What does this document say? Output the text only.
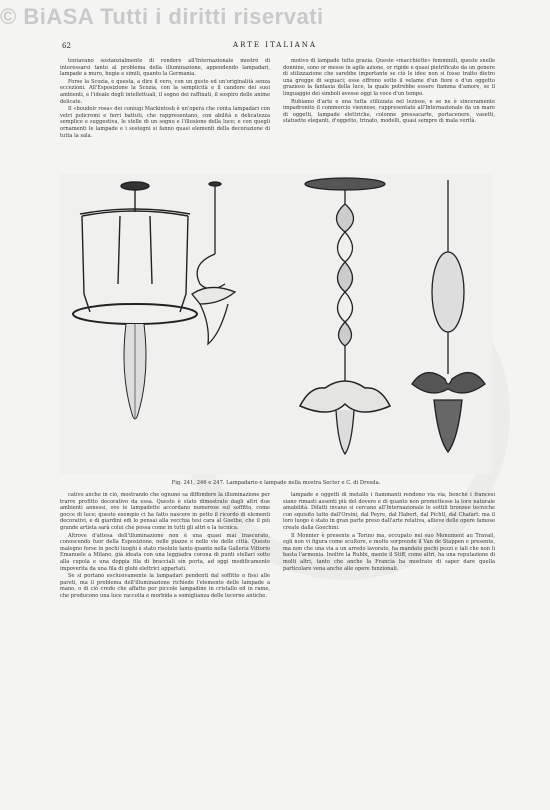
© BiASA Tutti i diritti riservati
62	ARTE ITALIANA

tentavano sostanzialmente di rendere all'Internazionale mostrò di interessarsi tanto al problema della illuminazione, appendendo lampadari, lampade a muro, bugie e simili, quanto la Germania.

Forse la Scozia, e questa, a dire il vero, con un gusto ed un'originalità senza eccezioni. All'Esposizione la Scozia, con la semplicità e il candore dei suoi ambienti, e l'ideale degli intellettuali, il sogno dei raffinati, il sospiro delle anime delicate.

Il «boudoir rosa» dei coniugi Mackintosh è un'opera che conta lampadari con vetri policromi e ferri battuti, che rappresentano, con abilità e delicatezza semplice e suggestiva, le stelle di un sogno e l'illusione della luce; e con quegli ornamenti le lampade e i sostegni si fanno quasi elementi della decorazione di tutta la sala.

motivo di lampade tutta grazia. Queste «macchiette» femminili, queste snelle donnine, sono or messe in agile azione, or rigide e quasi pietrificate da un genere di stilizzazione che sarebbe importante se ciò le idee non si fosse tratto dietro una gregge di seguaci; esse offrono sotto il velame d'un fiore o d'un oggetto grazioso la fantasia della luce, la quale potrebbe essere fiamma d'amore, se il linguaggio dei simboli avesse oggi la voce d'un tempo.

Rubiamo d'arte e una tutta stilizzata nel lezioso, e se ne è sinceramente impadronito il commercio viennese, rappresentato all'Internazionale da un mare di oggetti, lampade elettriche, colonne pressacarte, portacenere, vasetti, statuette eleganti, d'oggetto, trinato, modelli, quasi sempre di mala verità.

Fig. 241, 246 e 247. Lampadario e lampade nella mostra Secter e C. di Dresda.

cativo anche in ciò, mostrando che ognuno sa diffondere la illuminazione per trarre profitto decorativo da essa. Questo è stato dimostrato dagli altri due ambienti annessi, ove le lampadette accordano numerose sul soffitto, come gocce di luce; questo esempio ci ha fatto nascere in petto il ricordo di elementi decorativi, e di giardini edi lo pensai alla vecchia tesi cara al Goethe, che il più grande artista sarà colui che possa come in tutti gli altri e la tecnica.

Altrove d'attesa dell'illuminazione non è una quasi mai trascurato, conoscendo fuor della Esposizione, nelle piazze e nelle vie delle città. Questo malegno forse in pochi luoghi è stato risoluto tanto quanto nella Galleria Vittorio Emanuele a Milano, già ideata con una leggiadra corona di punti stellari sotto alla cupola e una doppia fila di bracciali sin porta, ad oggi modificamente impoverita da una fila di globi elettrici appartati.

Se si portano esclusivamente la lampadari pendenti dal soffitto o fissi alle pareti, ma il problema dell'illuminazione richiede l'elemento delle lampade a mano, o di ciò credo che affatto per piccole lampadine in cristallo ed in rame, che producono una luce raccolta e morbida a somiglianza delle lucerne antiche.

lampade e oggetti di metallo i fiammanti rendono via via, benché i francesi siano rimasti assenti più del dovere e di quanto non promettesse la loro naturale amabilità. Difatti invano si cercano all'Internazionale le sottili bronzee tecniche con squisito tatto dall'Orsini, dal Peyre, dal Habert, dal Pichtl, dal Chafart; ma il loro luogo è stato in gran parte preso dall'arte relativa, allieve delle opere famose create dalla Goechini.

Il Monnier è presente a Torino ma, occupato nel suo Monument au Travail, egli non vi figura come scultore, e molto sorprende il Van de Stappen e presente, ma non che una via a un arredo lavorato, ha mandato pochi pezzi e tali che non li basta l'armonia. Inoltre la Rubbi, mente il Stiff, come altri, ha una reputazione di molti altri, tanto che anche la Francia ha mostrato di saper dare quella particolare vena anche alle opere funzionali.
